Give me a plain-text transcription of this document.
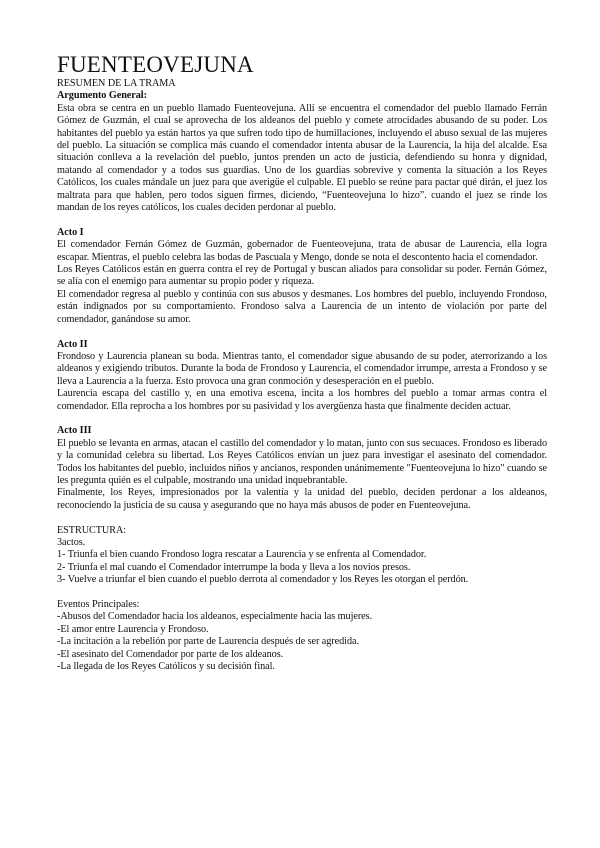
FUENTEOVEJUNA

RESUMEN DE LA TRAMA

Argumento General:

Esta obra se centra en un pueblo llamado Fuenteovejuna. Allí se encuentra el comendador del pueblo llamado Ferrán Gómez de Guzmán, el cual se aprovecha de los aldeanos del pueblo y comete atrocidades abusando de su poder. Los habitantes del pueblo ya están hartos ya que sufren todo tipo de humillaciones, incluyendo el abuso sexual de las mujeres del pueblo. La situación se complica más cuando el comendador intenta abusar de la Laurencia, la hija del alcalde. Esa situación conlleva a la revelación del pueblo, juntos prenden un acto de justicia, defendiendo su honra y dignidad, matando al comendador y a todos sus guardias. Uno de los guardias sobrevive y comenta la situación a los Reyes Católicos, los cuales mándale un juez para que averigüe el culpable. El pueblo se reúne para pactar qué dirán, el juez los maltrata para que hablen, pero todos siguen firmes, diciendo, “Fuenteovejuna lo hizo”. cuando el juez se rinde los mandan de los reyes católicos, los cuales deciden perdonar al pueblo.

Acto I

El comendador Fernán Gómez de Guzmán, gobernador de Fuenteovejuna, trata de abusar de Laurencia, ella logra escapar. Mientras, el pueblo celebra las bodas de Pascuala y Mengo, donde se nota el descontento hacia el comendador.

Los Reyes Católicos están en guerra contra el rey de Portugal y buscan aliados para consolidar su poder. Fernán Gómez, se alía con el enemigo para aumentar su propio poder y riqueza.

El comendador regresa al pueblo y continúa con sus abusos y desmanes. Los hombres del pueblo, incluyendo Frondoso, están indignados por su comportamiento. Frondoso salva a Laurencia de un intento de violación por parte del comendador, ganándose su amor.

Acto II

Frondoso y Laurencia planean su boda. Mientras tanto, el comendador sigue abusando de su poder, aterrorizando a los aldeanos y exigiendo tributos. Durante la boda de Frondoso y Laurencia, el comendador irrumpe, arresta a Frondoso y se lleva a Laurencia a la fuerza. Esto provoca una gran conmoción y desesperación en el pueblo.

Laurencia escapa del castillo y, en una emotiva escena, incita a los hombres del pueblo a tomar armas contra el comendador. Ella reprocha a los hombres por su pasividad y los avergüenza hasta que finalmente deciden actuar.

Acto III

El pueblo se levanta en armas, atacan el castillo del comendador y lo matan, junto con sus secuaces. Frondoso es liberado y la comunidad celebra su libertad. Los Reyes Católicos envían un juez para investigar el asesinato del comendador. Todos los habitantes del pueblo, incluidos niños y ancianos, responden unánimemente "Fuenteovejuna lo hizo" cuando se les pregunta quién es el culpable, mostrando una unidad inquebrantable.

Finalmente, los Reyes, impresionados por la valentía y la unidad del pueblo, deciden perdonar a los aldeanos, reconociendo la justicia de su causa y asegurando que no haya más abusos de poder en Fuenteovejuna.

ESTRUCTURA:

3actos.

1- Triunfa el bien cuando Frondoso logra rescatar a Laurencia y se enfrenta al Comendador.

2- Triunfa el mal cuando el Comendador interrumpe la boda y lleva a los novios presos.

3- Vuelve a triunfar el bien cuando el pueblo derrota al comendador y los Reyes les otorgan el perdón.

Eventos Principales:

-Abusos del Comendador hacia los aldeanos, especialmente hacia las mujeres.

-El amor entre Laurencia y Frondoso.

-La incitación a la rebelión por parte de Laurencia después de ser agredida.

-El asesinato del Comendador por parte de los aldeanos.

-La llegada de los Reyes Católicos y su decisión final.
